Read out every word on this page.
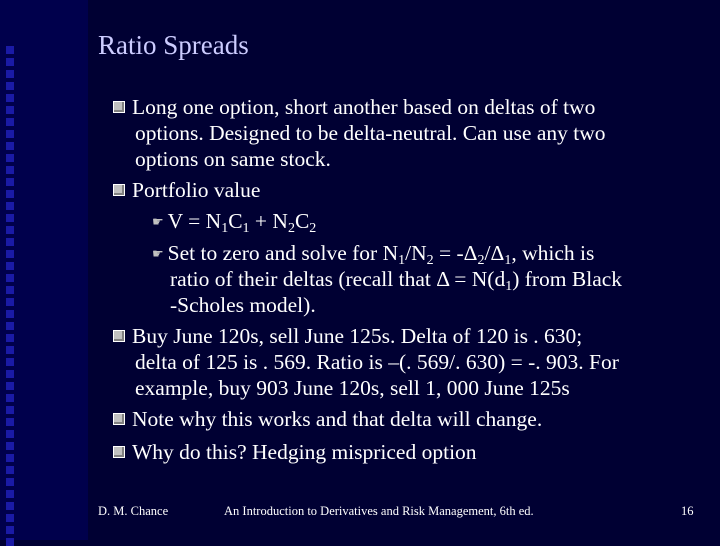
Ratio Spreads
Long one option, short another based on deltas of two
options. Designed to be delta-neutral. Can use any two
options on same stock.
Portfolio value
☛ $V = N_1C_1 + N_2C_2$
☛ Set to zero and solve for $N_1/N_2 = -\Delta_2/\Delta_1$, which is
ratio of their deltas (recall that $\Delta = N(d_1)$ from Black
-Scholes model).
Buy June 120s, sell June 125s. Delta of 120 is . 630;
delta of 125 is . 569. Ratio is –(. 569/. 630) = -. 903. For
example, buy 903 June 120s, sell 1, 000 June 125s
Note why this works and that delta will change.
Why do this? Hedging mispriced option
D. M. Chance	An Introduction to Derivatives and Risk Management, 6th ed.	16
